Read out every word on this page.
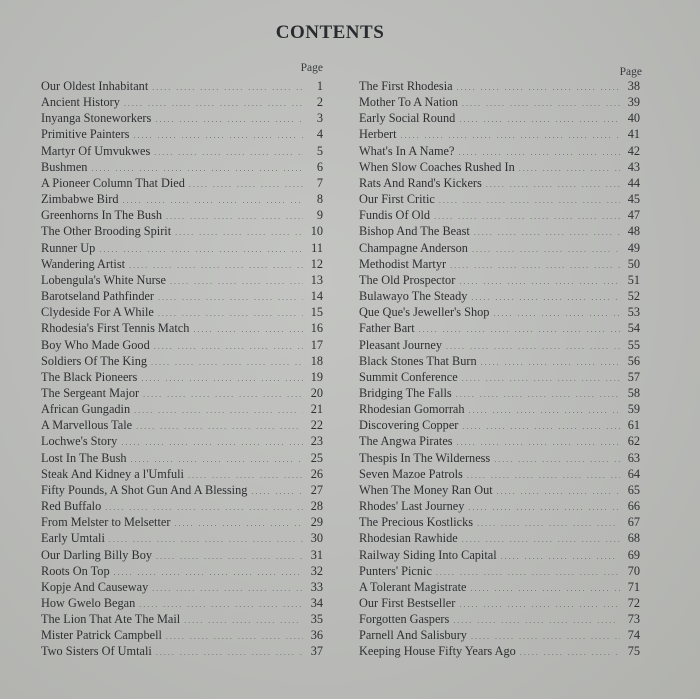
CONTENTS
Page
Our Oldest Inhabitant .....	1
Ancient History .....	2
Inyanga Stoneworkers .....	3
Primitive Painters .....	4
Martyr Of Umvukwes .....	5
Bushmen .....	6
A Pioneer Column That Died .....	7
Zimbabwe Bird .....	8
Greenhorns In The Bush .....	9
The Other Brooding Spirit .....	10
Runner Up .....	11
Wandering Artist .....	12
Lobengula's White Nurse .....	13
Barotseland Pathfinder .....	14
Clydeside For A While .....	15
Rhodesia's First Tennis Match .....	16
Boy Who Made Good .....	17
Soldiers Of The King .....	18
The Black Pioneers .....	19
The Sergeant Major .....	20
African Gungadin .....	21
A Marvellous Tale .....	22
Lochwe's Story .....	23
Lost In The Bush .....	25
Steak And Kidney a l'Umfuli .....	26
Fifty Pounds, A Shot Gun And A Blessing .....	27
Red Buffalo .....	28
From Melster to Melsetter .....	29
Early Umtali .....	30
Our Darling Billy Boy .....	31
Roots On Top .....	32
Kopje And Causeway .....	33
How Gwelo Began .....	34
The Lion That Ate The Mail .....	35
Mister Patrick Campbell .....	36
Two Sisters Of Umtali .....	37
Page
The First Rhodesia .....	38
Mother To A Nation .....	39
Early Social Round .....	40
Herbert .....	41
What's In A Name? .....	42
When Slow Coaches Rushed In .....	43
Rats And Rand's Kickers .....	44
Our First Critic .....	45
Fundis Of Old .....	47
Bishop And The Beast .....	48
Champagne Anderson .....	49
Methodist Martyr .....	50
The Old Prospector .....	51
Bulawayo The Steady .....	52
Que Que's Jeweller's Shop .....	53
Father Bart .....	54
Pleasant Journey .....	55
Black Stones That Burn .....	56
Summit Conference .....	57
Bridging The Falls .....	58
Rhodesian Gomorrah .....	59
Discovering Copper .....	61
The Angwa Pirates .....	62
Thespis In The Wilderness .....	63
Seven Mazoe Patrols .....	64
When The Money Ran Out .....	65
Rhodes' Last Journey .....	66
The Precious Kostlicks .....	67
Rhodesian Rawhide .....	68
Railway Siding Into Capital .....	69
Punters' Picnic .....	70
A Tolerant Magistrate .....	71
Our First Bestseller .....	72
Forgotten Gaspers .....	73
Parnell And Salisbury .....	74
Keeping House Fifty Years Ago .....	75
